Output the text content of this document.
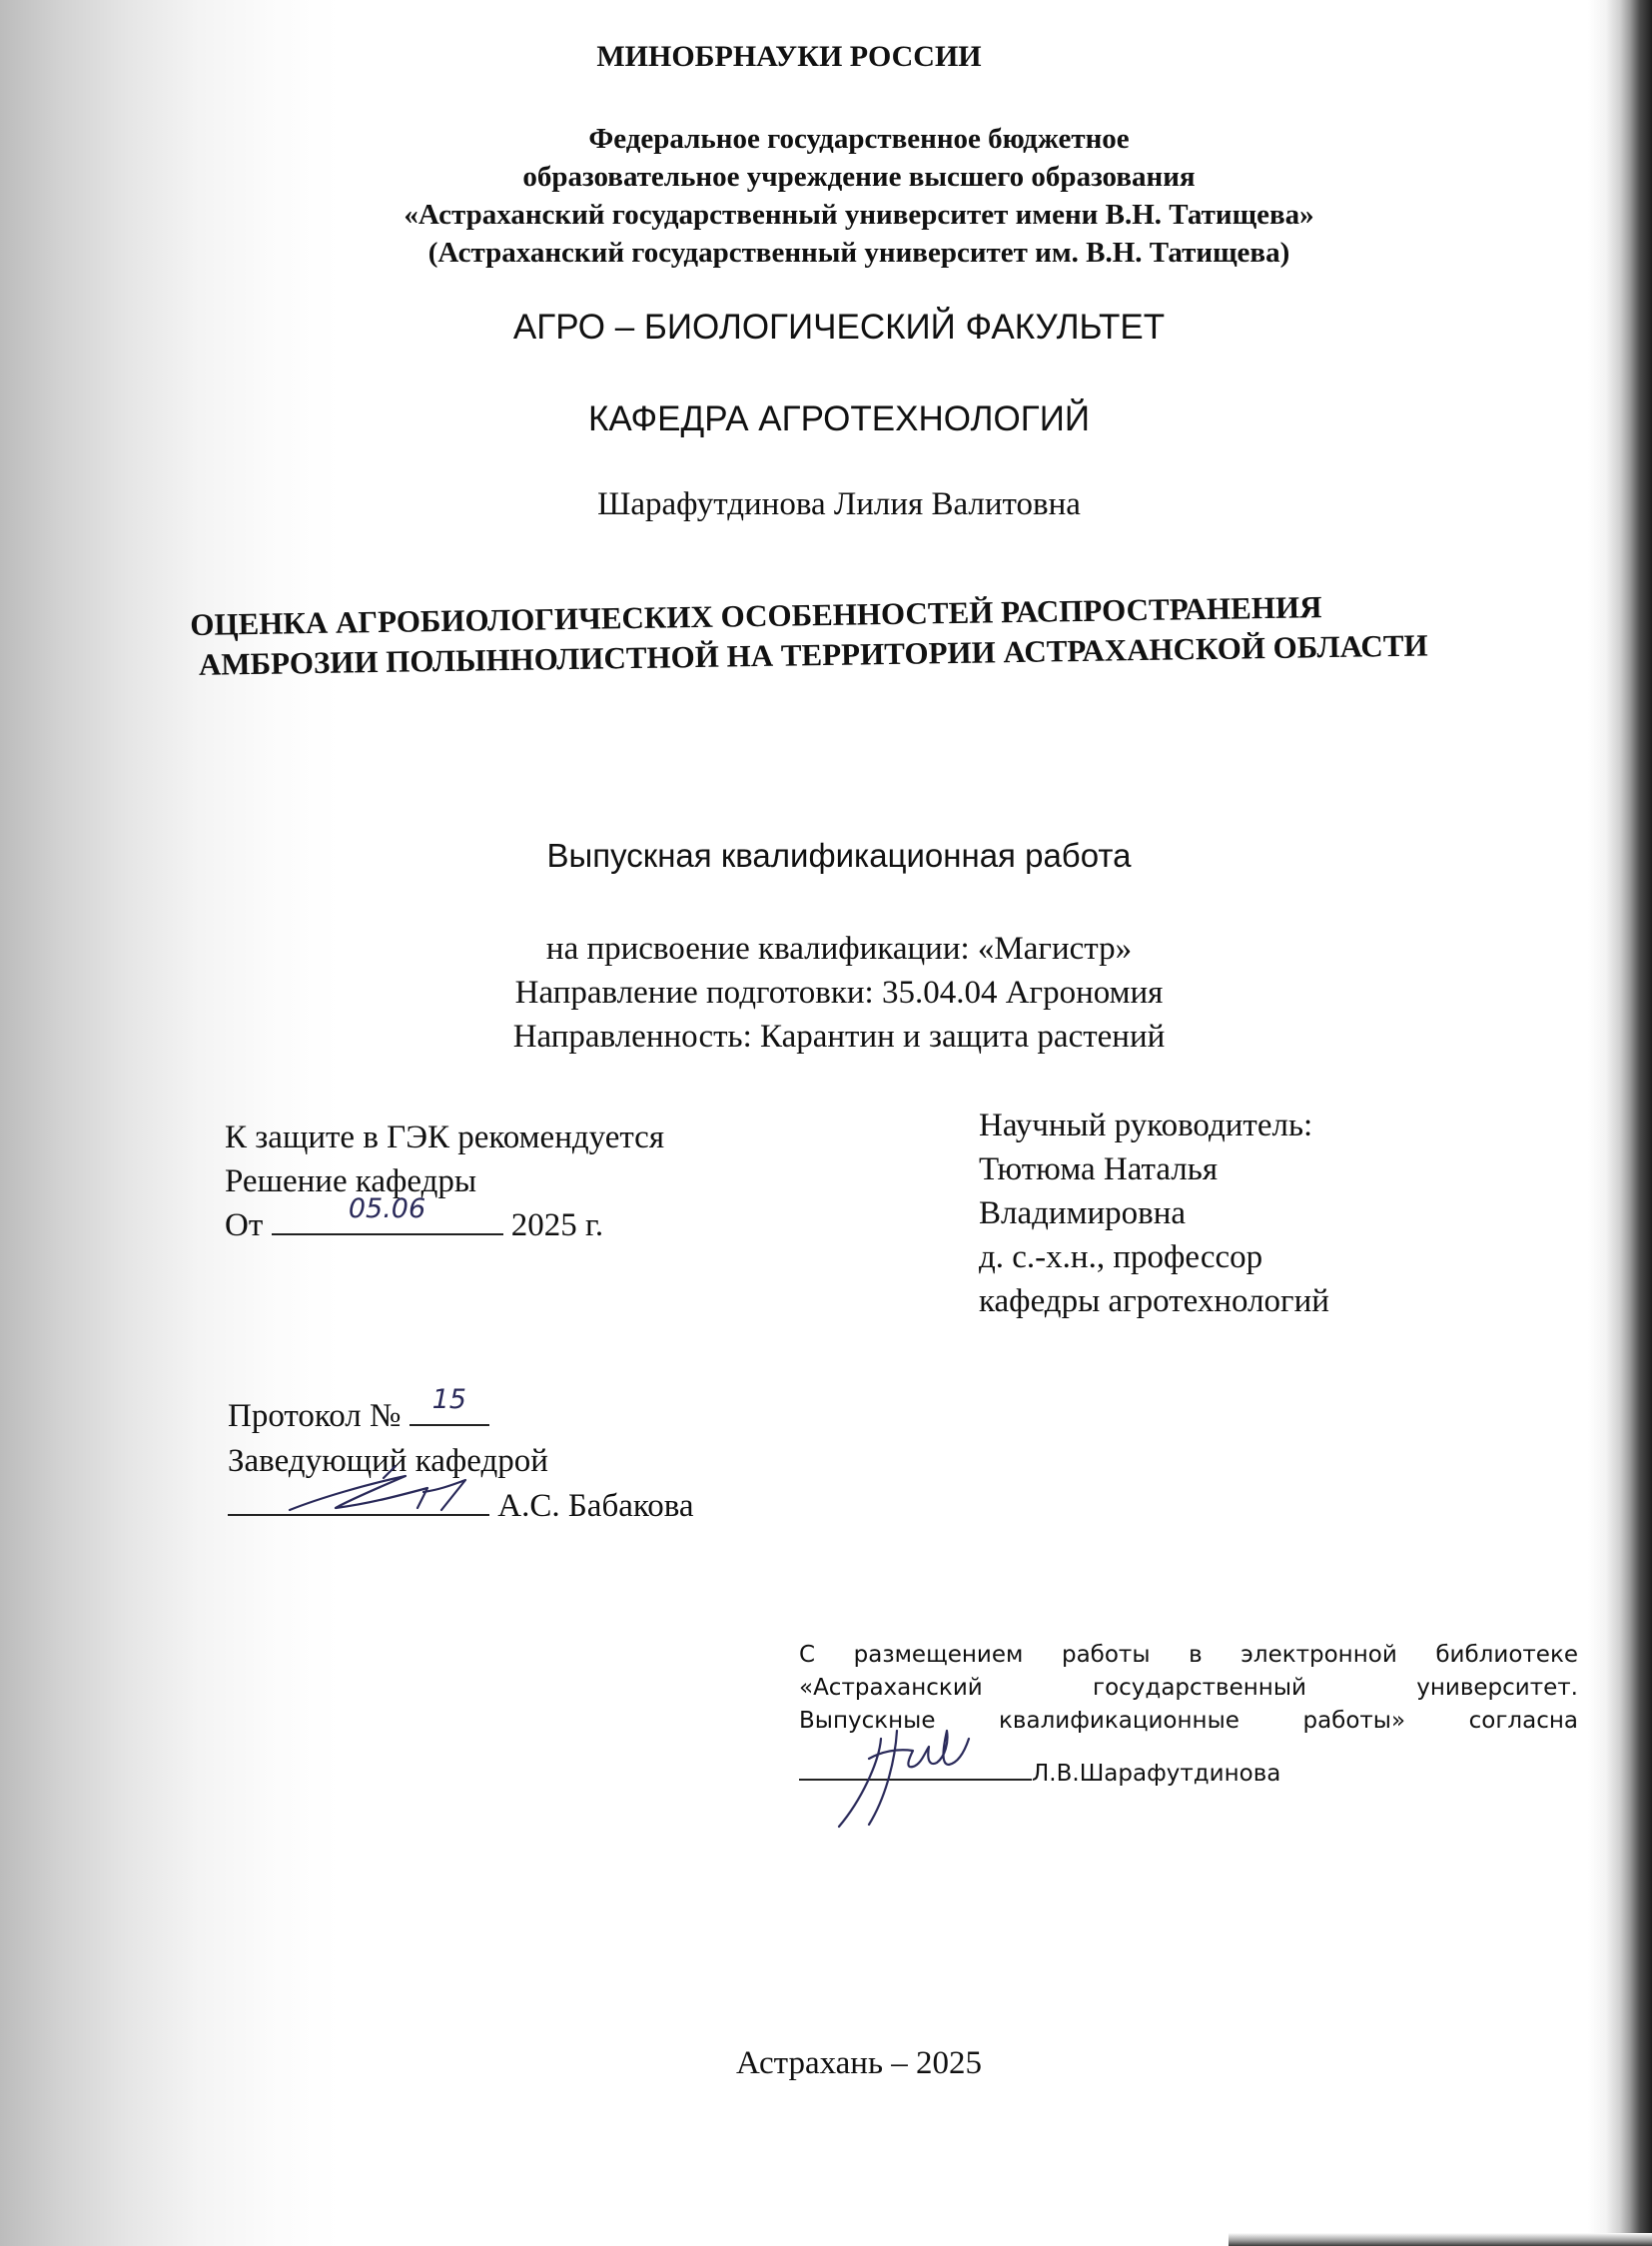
МИНОБРНАУКИ РОССИИ
Федеральное государственное бюджетное
образовательное учреждение высшего образования
«Астраханский государственный университет имени В.Н. Татищева»
(Астраханский государственный университет им. В.Н. Татищева)
АГРО – БИОЛОГИЧЕСКИЙ ФАКУЛЬТЕТ
КАФЕДРА АГРОТЕХНОЛОГИЙ
Шарафутдинова Лилия Валитовна
ОЦЕНКА АГРОБИОЛОГИЧЕСКИХ ОСОБЕННОСТЕЙ РАСПРОСТРАНЕНИЯ
АМБРОЗИИ ПОЛЫННОЛИСТНОЙ НА ТЕРРИТОРИИ АСТРАХАНСКОЙ ОБЛАСТИ
Выпускная квалификационная работа
на присвоение квалификации: «Магистр»
Направление подготовки: 35.04.04 Агрономия
Направленность: Карантин и защита растений
К защите в ГЭК рекомендуется
Решение кафедры
От	05.06	2025 г.
Научный руководитель:
Тютюма Наталья
Владимировна
д. с.-х.н., профессор
кафедры агротехнологий
Протокол №	15
Заведующий кафедрой
А.С. Бабакова
С размещением работы в электронной библиотеке
«Астраханский государственный университет.
Выпускные квалификационные работы» согласна
Л.В.Шарафутдинова
Астрахань – 2025
